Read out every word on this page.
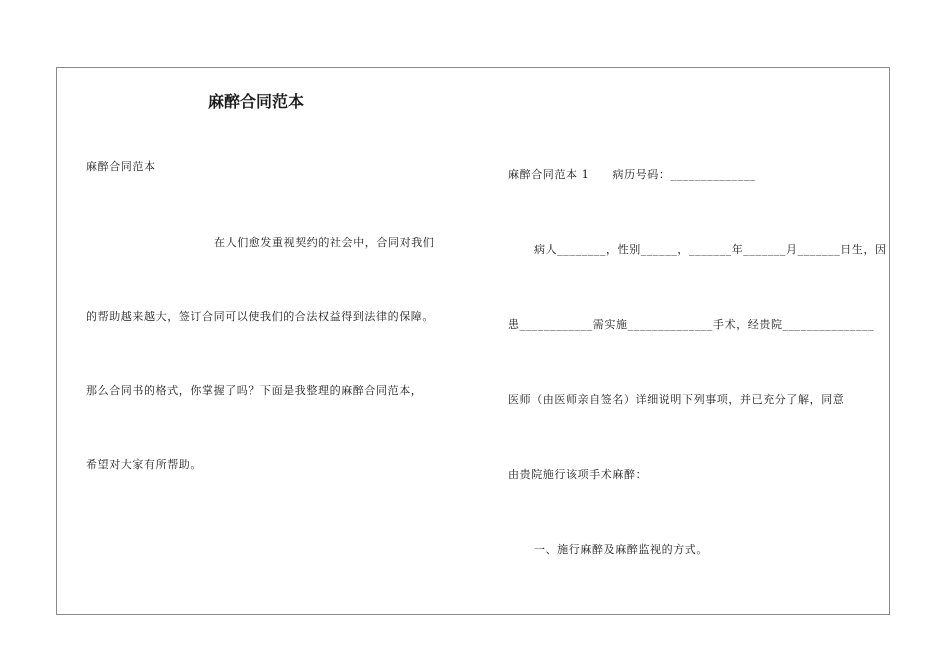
麻醉合同范本
麻醉合同范本
在人们愈发重视契约的社会中，合同对我们
的帮助越来越大，签订合同可以使我们的合法权益得到法律的保障。
那么合同书的格式，你掌握了吗？下面是我整理的麻醉合同范本，
希望对大家有所帮助。
麻醉合同范本 1　　病历号码：______________
病人________，性别______，_______年_______月_______日生，因
患____________需实施______________手术，经贵院_______________
医师（由医师亲自签名）详细说明下列事项，并已充分了解，同意
由贵院施行该项手术麻醉：
一、施行麻醉及麻醉监视的方式。
